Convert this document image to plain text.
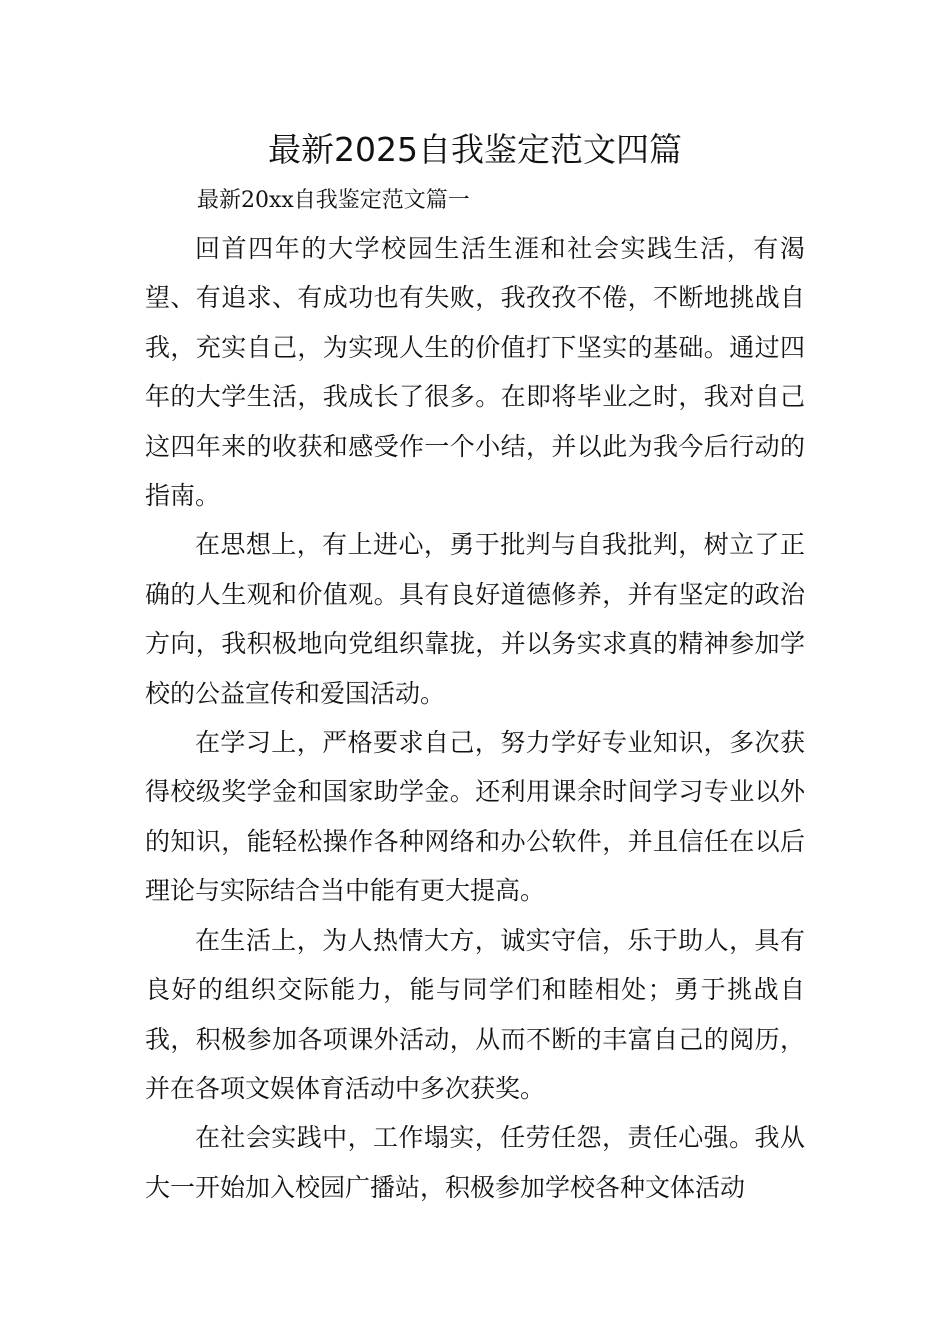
最新2025自我鉴定范文四篇
最新20xx自我鉴定范文篇一

回首四年的大学校园生活生涯和社会实践生活，有渴望、有追求、有成功也有失败，我孜孜不倦，不断地挑战自我，充实自己，为实现人生的价值打下坚实的基础。通过四年的大学生活，我成长了很多。在即将毕业之时，我对自己这四年来的收获和感受作一个小结，并以此为我今后行动的指南。

在思想上，有上进心，勇于批判与自我批判，树立了正确的人生观和价值观。具有良好道德修养，并有坚定的政治方向，我积极地向党组织靠拢，并以务实求真的精神参加学校的公益宣传和爱国活动。

在学习上，严格要求自己，努力学好专业知识，多次获得校级奖学金和国家助学金。还利用课余时间学习专业以外的知识，能轻松操作各种网络和办公软件，并且信任在以后理论与实际结合当中能有更大提高。

在生活上，为人热情大方，诚实守信，乐于助人，具有良好的组织交际能力，能与同学们和睦相处；勇于挑战自我，积极参加各项课外活动，从而不断的丰富自己的阅历，并在各项文娱体育活动中多次获奖。

在社会实践中，工作塌实，任劳任怨，责任心强。我从大一开始加入校园广播站，积极参加学校各种文体活动
